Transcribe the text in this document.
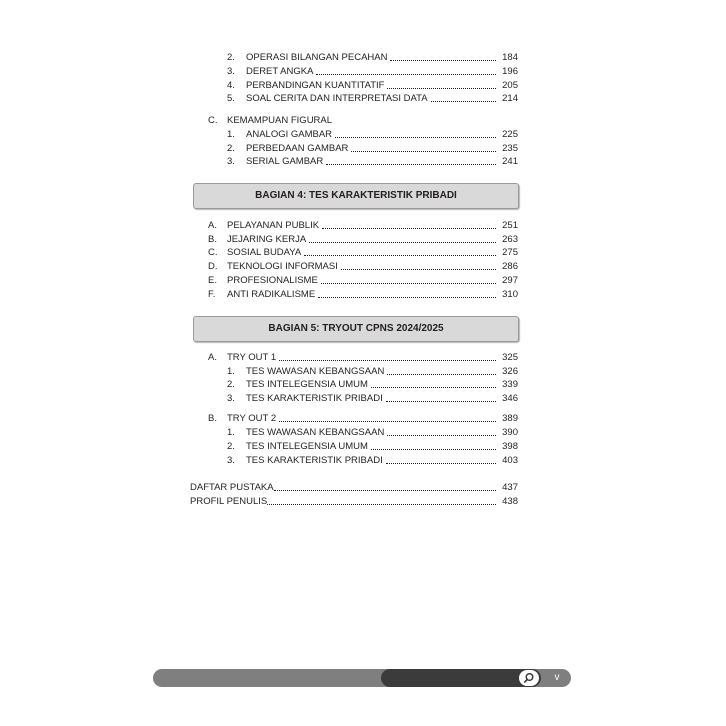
2.	OPERASI BILANGAN PECAHAN	184
3.	DERET ANGKA	196
4.	PERBANDINGAN KUANTITATIF	205
5.	SOAL CERITA DAN INTERPRETASI DATA	214
C. KEMAMPUAN FIGURAL
1.	ANALOGI GAMBAR	225
2.	PERBEDAAN GAMBAR	235
3.	SERIAL GAMBAR	241
BAGIAN 4: TES KARAKTERISTIK PRIBADI
A.	PELAYANAN PUBLIK	251
B.	JEJARING KERJA	263
C.	SOSIAL BUDAYA	275
D.	TEKNOLOGI INFORMASI	286
E.	PROFESIONALISME	297
F.	ANTI RADIKALISME	310
BAGIAN 5: TRYOUT CPNS 2024/2025
A.	TRY OUT 1	325
1.	TES WAWASAN KEBANGSAAN	326
2.	TES INTELEGENSIA UMUM	339
3.	TES KARAKTERISTIK PRIBADI	346
B.	TRY OUT 2	389
1.	TES WAWASAN KEBANGSAAN	390
2.	TES INTELEGENSIA UMUM	398
3.	TES KARAKTERISTIK PRIBADI	403
DAFTAR PUSTAKA	437
PROFIL PENULIS	438
v
